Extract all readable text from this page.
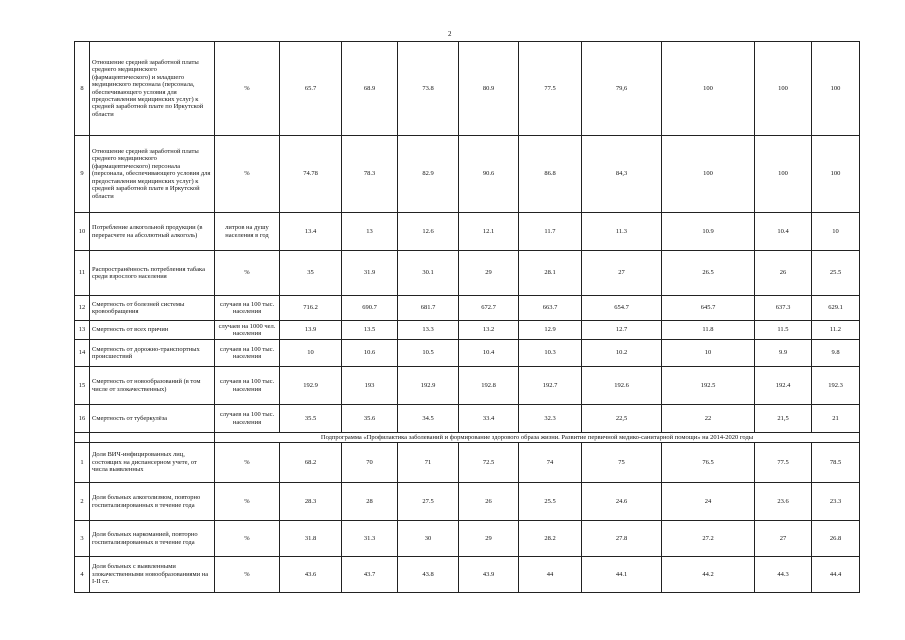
2
8	Отношение средней заработной платы среднего медицинского (фармацевтического) и младшего медицинского персонала (персонала, обеспечивающего условия для предоставления медицинских услуг) к средней заработной плате по Иркутской области	%	65.7	68.9	73.8	80.9	77.5	79,6	100	100	100
9	Отношение средней заработной платы среднего медицинского (фармацевтического) персонала (персонала, обеспечивающего условия для предоставления медицинских услуг) к средней заработной плате в Иркутской области	%	74.78	78.3	82.9	90.6	86.8	84,3	100	100	100
10	Потребление алкогольной продукции (в перерасчете на абсолютный алкоголь)	литров на душу населения в год	13.4	13	12.6	12.1	11.7	11.3	10.9	10.4	10
11	Распространённость потребления табака среди взрослого населения	%	35	31.9	30.1	29	28.1	27	26.5	26	25.5
12	Смертность от болезней системы кровообращения	случаев на 100 тыс. населения	716.2	690.7	681.7	672.7	663.7	654.7	645.7	637.3	629.1
13	Смертность от всех причин	случаев на 1000 чел. населения	13.9	13.5	13.3	13.2	12.9	12.7	11.8	11.5	11.2
14	Смертность от дорожно-транспортных происшествий	случаев на 100 тыс. населения	10	10.6	10.5	10.4	10.3	10.2	10	9.9	9.8
15	Смертность от новообразований (в том числе от злокачественных)	случаев на 100 тыс. населения	192.9	193	192.9	192.8	192.7	192.6	192.5	192.4	192.3
16	Смертность от туберкулёза	случаев на 100 тыс. населения	35.5	35.6	34.5	33.4	32.3	22,5	22	21,5	21
		Подпрограмма «Профилактика заболеваний и формирование здорового образа жизни. Развитие первичной медико-санитарной помощи» на 2014-2020 годы									
1	Доля ВИЧ-инфицированных лиц, состоящих на диспансерном учете, от числа выявленных	%	68.2	70	71	72.5	74	75	76.5	77.5	78.5
2	Доля больных алкоголизмом, повторно госпитализированных в течение года	%	28.3	28	27.5	26	25.5	24.6	24	23.6	23.3
3	Доля больных наркоманией, повторно госпитализированных в течение года	%	31.8	31.3	30	29	28.2	27.8	27.2	27	26.8
4	Доля больных с выявленными злокачественными новообразованиями на I-II ст.	%	43.6	43.7	43.8	43.9	44	44.1	44.2	44.3	44.4
